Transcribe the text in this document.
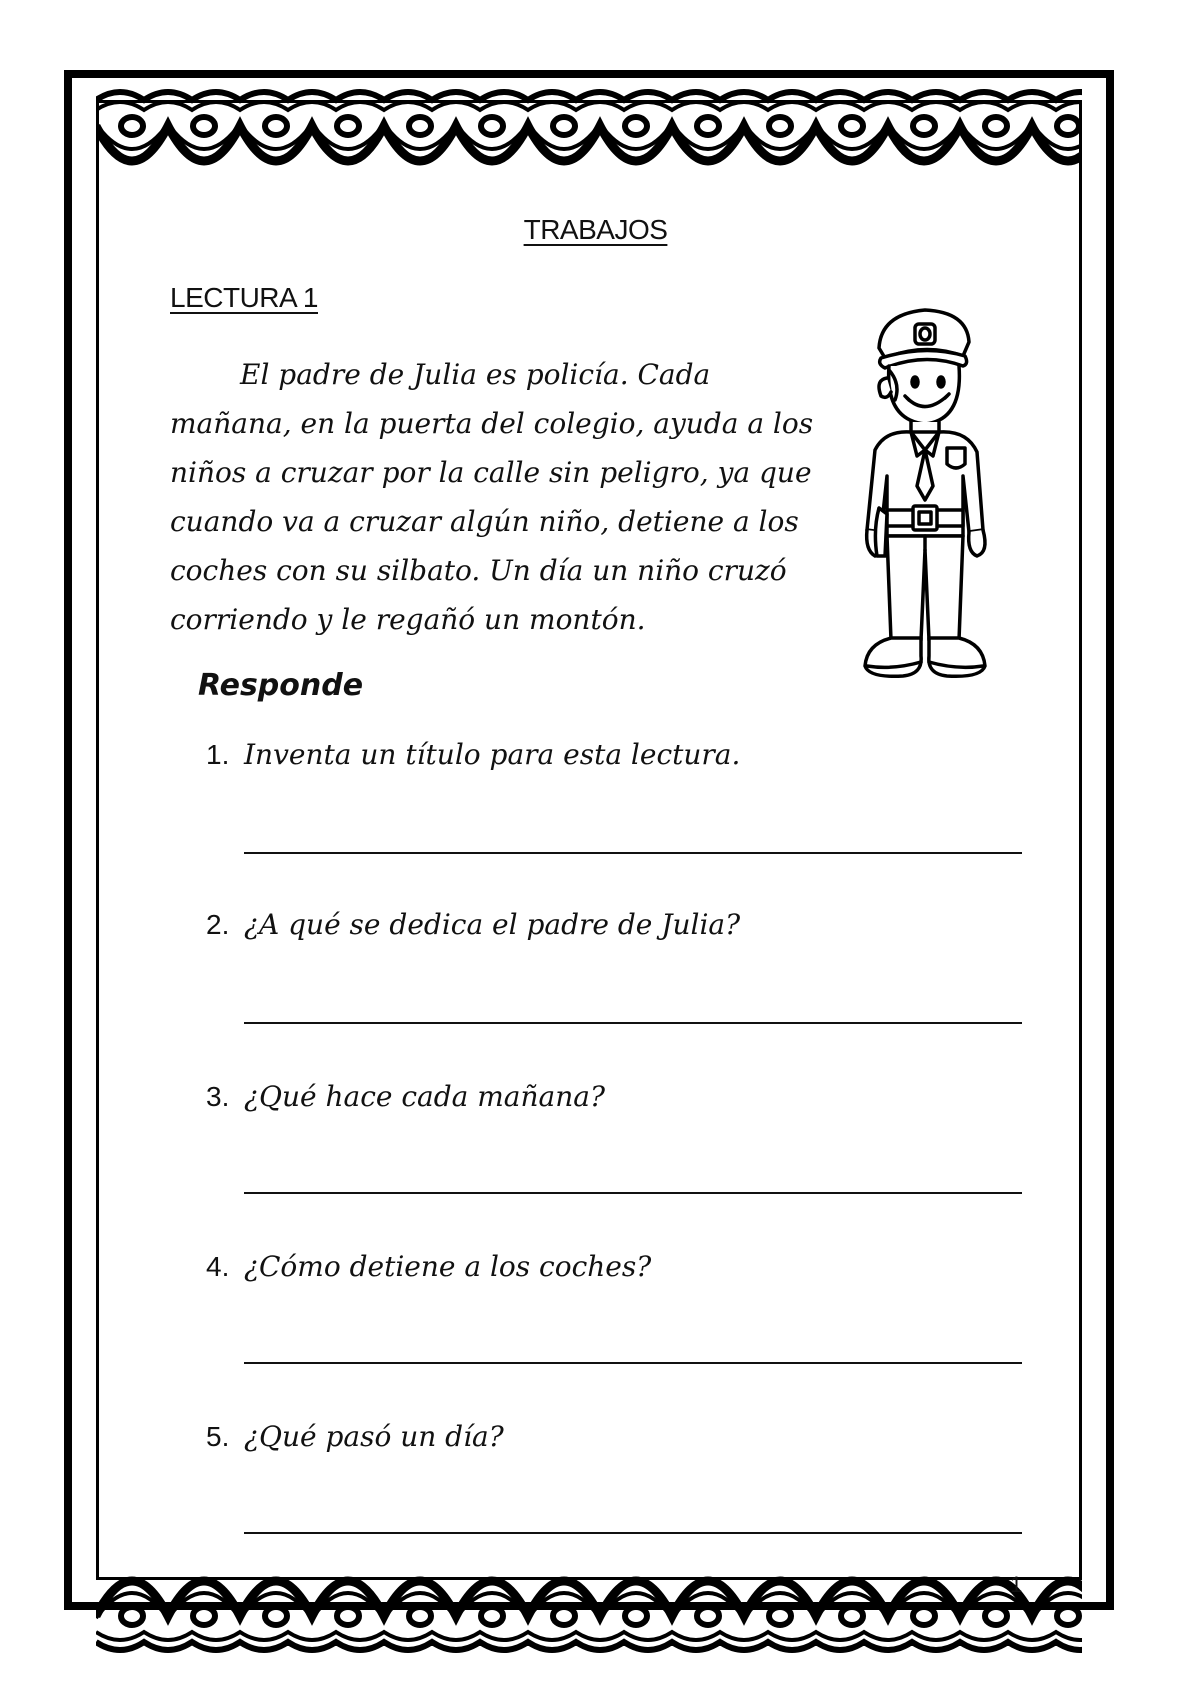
TRABAJOS
LECTURA 1
El padre de Julia es policía. Cada
mañana, en la puerta del colegio, ayuda a los
niños a cruzar por la calle sin peligro, ya que
cuando va a cruzar algún niño, detiene a los
coches con su silbato. Un día un niño cruzó
corriendo y le regañó un montón.
Responde
1. Inventa un título para esta lectura.
2. ¿A qué se dedica el padre de Julia?
3. ¿Qué hace cada mañana?
4. ¿Cómo detiene a los coches?
5. ¿Qué pasó un día?
1
